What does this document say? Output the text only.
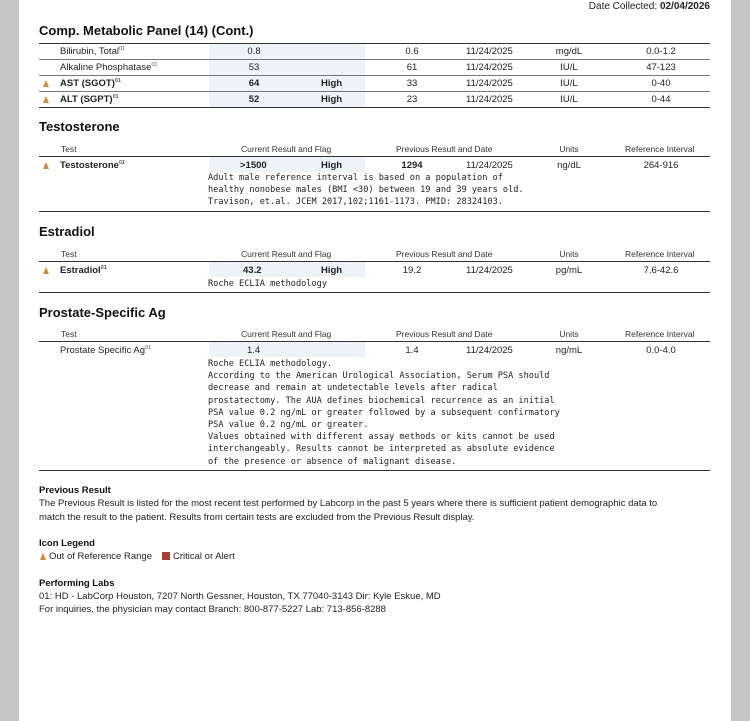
Date Collected: 02/04/2026
Comp. Metabolic Panel (14) (Cont.)
Bilirubin, Total$^{01}$	0.8	0.6	11/24/2025	mg/dL	0.0-1.2
Alkaline Phosphatase$^{01}$	53	61	11/24/2025	IU/L	47-123
AST (SGOT)$^{01}$	64	High	33	11/24/2025	IU/L	0-40
ALT (SGPT)$^{01}$	52	High	23	11/24/2025	IU/L	0-44
Testosterone
Test	Current Result and Flag	Previous Result and Date	Units	Reference Interval
Testosterone$^{01}$	>1500	High	1294	11/24/2025	ng/dL	264-916
Adult male reference interval is based on a population of
healthy nonobese males (BMI <30) between 19 and 39 years old.
Travison, et.al. JCEM 2017,102;1161-1173. PMID: 28324103.
Estradiol
Test	Current Result and Flag	Previous Result and Date	Units	Reference Interval
Estradiol$^{01}$	43.2	High	19.2	11/24/2025	pg/mL	7.6-42.6
Roche ECLIA methodology
Prostate-Specific Ag
Test	Current Result and Flag	Previous Result and Date	Units	Reference Interval
Prostate Specific Ag$^{01}$	1.4	1.4	11/24/2025	ng/mL	0.0-4.0
Roche ECLIA methodology.
According to the American Urological Association, Serum PSA should
decrease and remain at undetectable levels after radical
prostatectomy. The AUA defines biochemical recurrence as an initial
PSA value 0.2 ng/mL or greater followed by a subsequent confirmatory
PSA value 0.2 ng/mL or greater.
Values obtained with different assay methods or kits cannot be used
interchangeably. Results cannot be interpreted as absolute evidence
of the presence or absence of malignant disease.
Previous Result
The Previous Result is listed for the most recent test performed by Labcorp in the past 5 years where there is sufficient patient demographic data to
match the result to the patient. Results from certain tests are excluded from the Previous Result display.
Icon Legend
Out of Reference Range Critical or Alert
Performing Labs
01: HD - LabCorp Houston, 7207 North Gessner, Houston, TX 77040-3143 Dir: Kyle Eskue, MD
For inquiries, the physician may contact Branch: 800-877-5227 Lab: 713-856-8288
